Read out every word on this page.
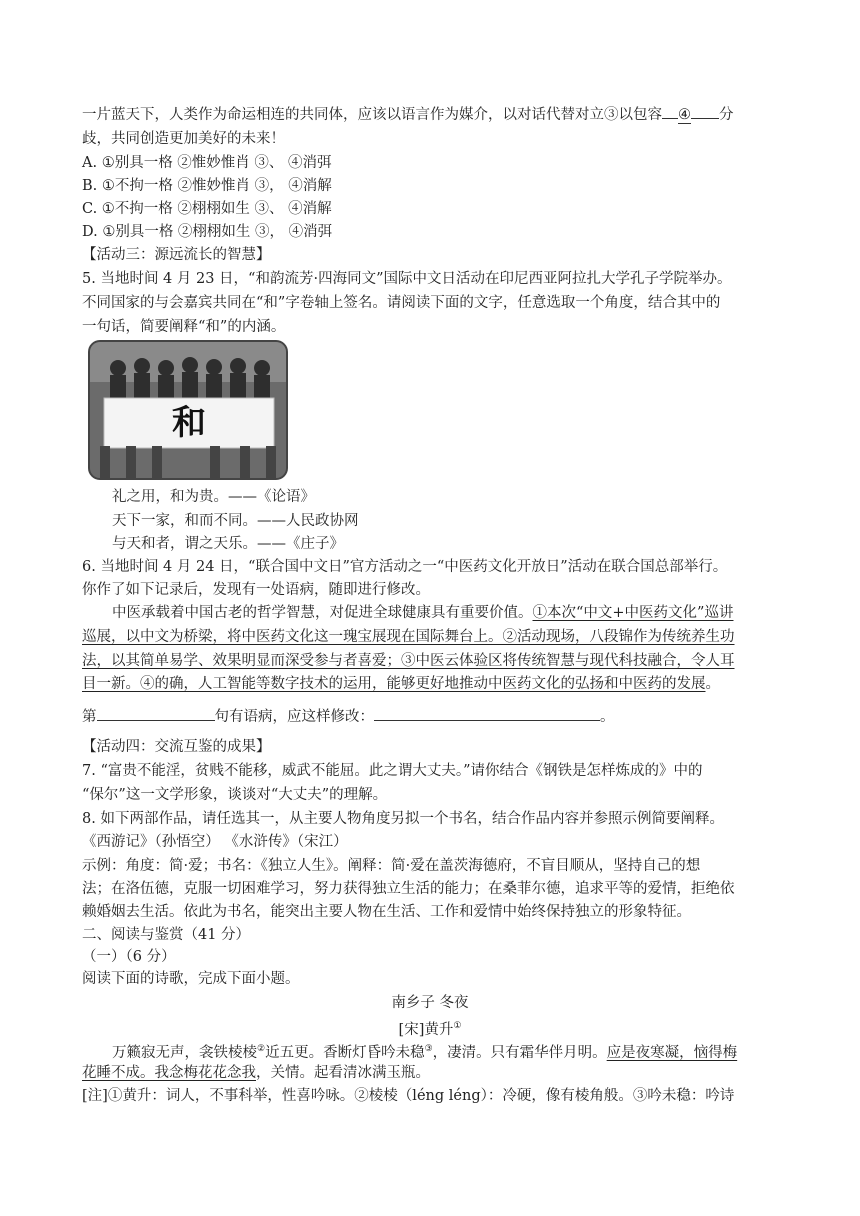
一片蓝天下，人类作为命运相连的共同体，应该以语言作为媒介，以对话代替对立③以包容 ④ 分
歧，共同创造更加美好的未来！
A. ①别具一格 ②惟妙惟肖 ③、 ④消弭
B. ①不拘一格 ②惟妙惟肖 ③， ④消解
C. ①不拘一格 ②栩栩如生 ③、 ④消解
D. ①别具一格 ②栩栩如生 ③， ④消弭
【活动三：源远流长的智慧】
5. 当地时间 4 月 23 日，“和韵流芳·四海同文”国际中文日活动在印尼西亚阿拉扎大学孔子学院举办。
不同国家的与会嘉宾共同在“和”字卷轴上签名。请阅读下面的文字，任意选取一个角度，结合其中的
一句话，简要阐释“和”的内涵。
和
礼之用，和为贵。——《论语》
天下一家，和而不同。——人民政协网
与天和者，谓之天乐。——《庄子》
6. 当地时间 4 月 24 日，“联合国中文日”官方活动之一“中医药文化开放日”活动在联合国总部举行。
你作了如下记录后，发现有一处语病，随即进行修改。
中医承载着中国古老的哲学智慧，对促进全球健康具有重要价值。①本次“中文+中医药文化”巡讲
巡展，以中文为桥梁，将中医药文化这一瑰宝展现在国际舞台上。②活动现场，八段锦作为传统养生功
法，以其简单易学、效果明显而深受参与者喜爱；③中医云体验区将传统智慧与现代科技融合，令人耳
目一新。④的确，人工智能等数字技术的运用，能够更好地推动中医药文化的弘扬和中医药的发展。
第	句有语病，应这样修改：	。
【活动四：交流互鉴的成果】
7. “富贵不能淫，贫贱不能移，威武不能屈。此之谓大丈夫。”请你结合《钢铁是怎样炼成的》中的
“保尔”这一文学形象，谈谈对“大丈夫”的理解。
8. 如下两部作品，请任选其一，从主要人物角度另拟一个书名，结合作品内容并参照示例简要阐释。
《西游记》（孙悟空） 《水浒传》（宋江）
示例：角度：简·爱；书名：《独立人生》。阐释：简·爱在盖茨海德府，不盲目顺从，坚持自己的想
法；在洛伍德，克服一切困难学习，努力获得独立生活的能力；在桑菲尔德，追求平等的爱情，拒绝依
赖婚姻去生活。依此为书名，能突出主要人物在生活、工作和爱情中始终保持独立的形象特征。
二、阅读与鉴赏（41 分）
（一）（6 分）
阅读下面的诗歌，完成下面小题。
南乡子 冬夜
[宋]黄升①
万籁寂无声，衾铁棱棱②近五更。香断灯昏吟未稳③，凄清。只有霜华伴月明。应是夜寒凝，恼得梅
花睡不成。我念梅花花念我，关情。起看清冰满玉瓶。
[注]①黄升：词人，不事科举，性喜吟咏。②棱棱（léng léng）：冷硬，像有棱角般。③吟未稳：吟诗
